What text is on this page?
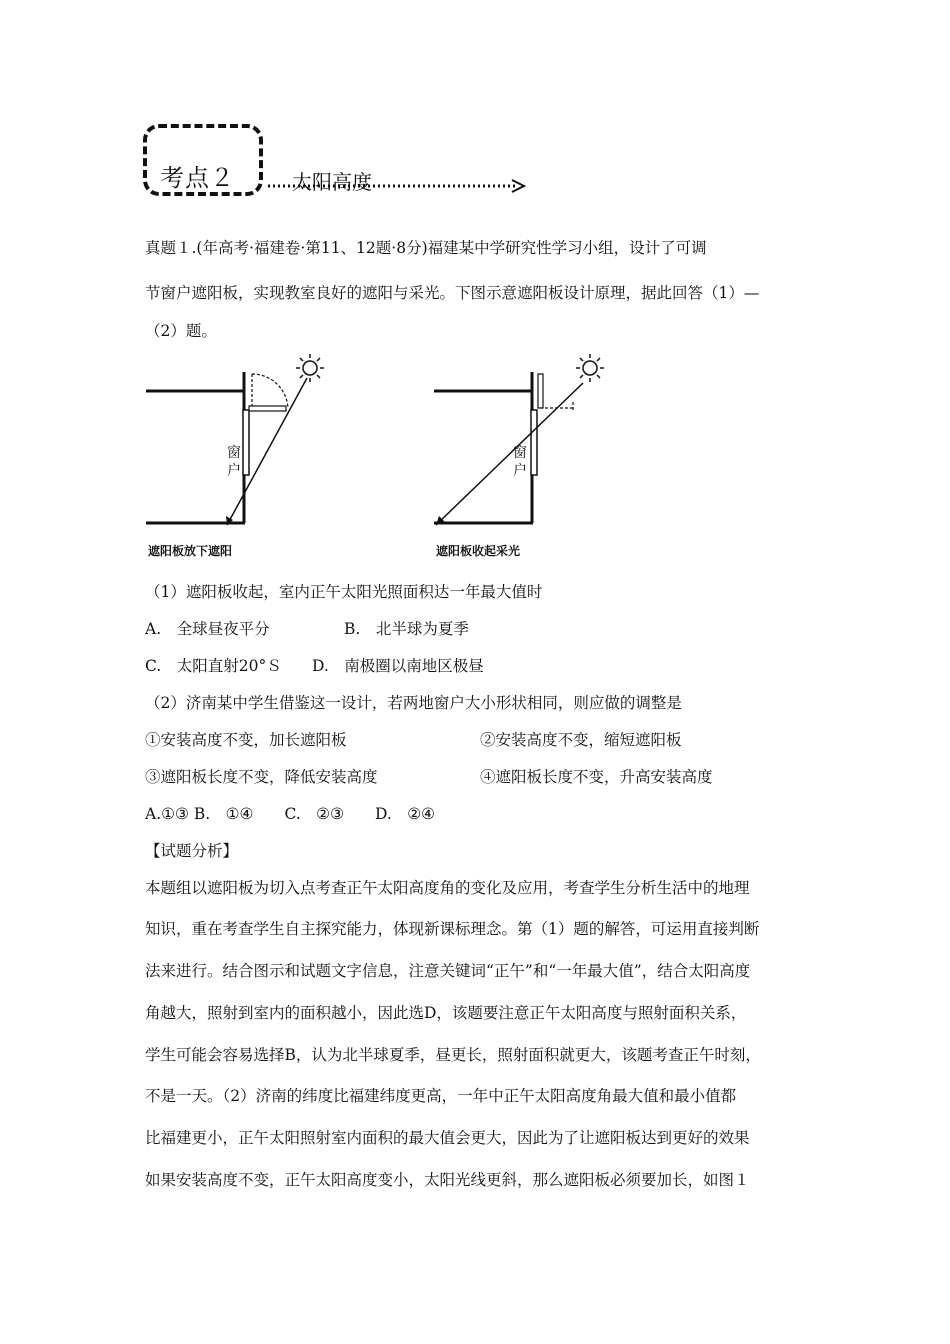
考点２	太阳高度
真题１.(年高考·福建卷·第11、12题·8分)福建某中学研究性学习小组，设计了可调
节窗户遮阳板，实现教室良好的遮阳与采光。下图示意遮阳板设计原理，据此回答（1）—
（2）题。
窗
户
遮阳板放下遮阳
窗
户
遮阳板收起采光
（1）遮阳板收起，室内正午太阳光照面积达一年最大值时
A.　全球昼夜平分	B.　北半球为夏季
C.　太阳直射20°Ｓ D.　南极圈以南地区极昼
（2）济南某中学生借鉴这一设计，若两地窗户大小形状相同，则应做的调整是
①安装高度不变，加长遮阳板	②安装高度不变，缩短遮阳板
③遮阳板长度不变，降低安装高度	④遮阳板长度不变，升高安装高度
A.①③ B.　①④　　C.　②③　　D.　②④
【试题分析】
本题组以遮阳板为切入点考查正午太阳高度角的变化及应用，考查学生分析生活中的地理
知识，重在考查学生自主探究能力，体现新课标理念。第（1）题的解答，可运用直接判断
法来进行。结合图示和试题文字信息，注意关键词“正午”和“一年最大值”，结合太阳高度
角越大，照射到室内的面积越小，因此选D，该题要注意正午太阳高度与照射面积关系，
学生可能会容易选择B，认为北半球夏季，昼更长，照射面积就更大，该题考查正午时刻，
不是一天。（2）济南的纬度比福建纬度更高，一年中正午太阳高度角最大值和最小值都
比福建更小，正午太阳照射室内面积的最大值会更大，因此为了让遮阳板达到更好的效果
如果安装高度不变，正午太阳高度变小，太阳光线更斜，那么遮阳板必须要加长，如图１
